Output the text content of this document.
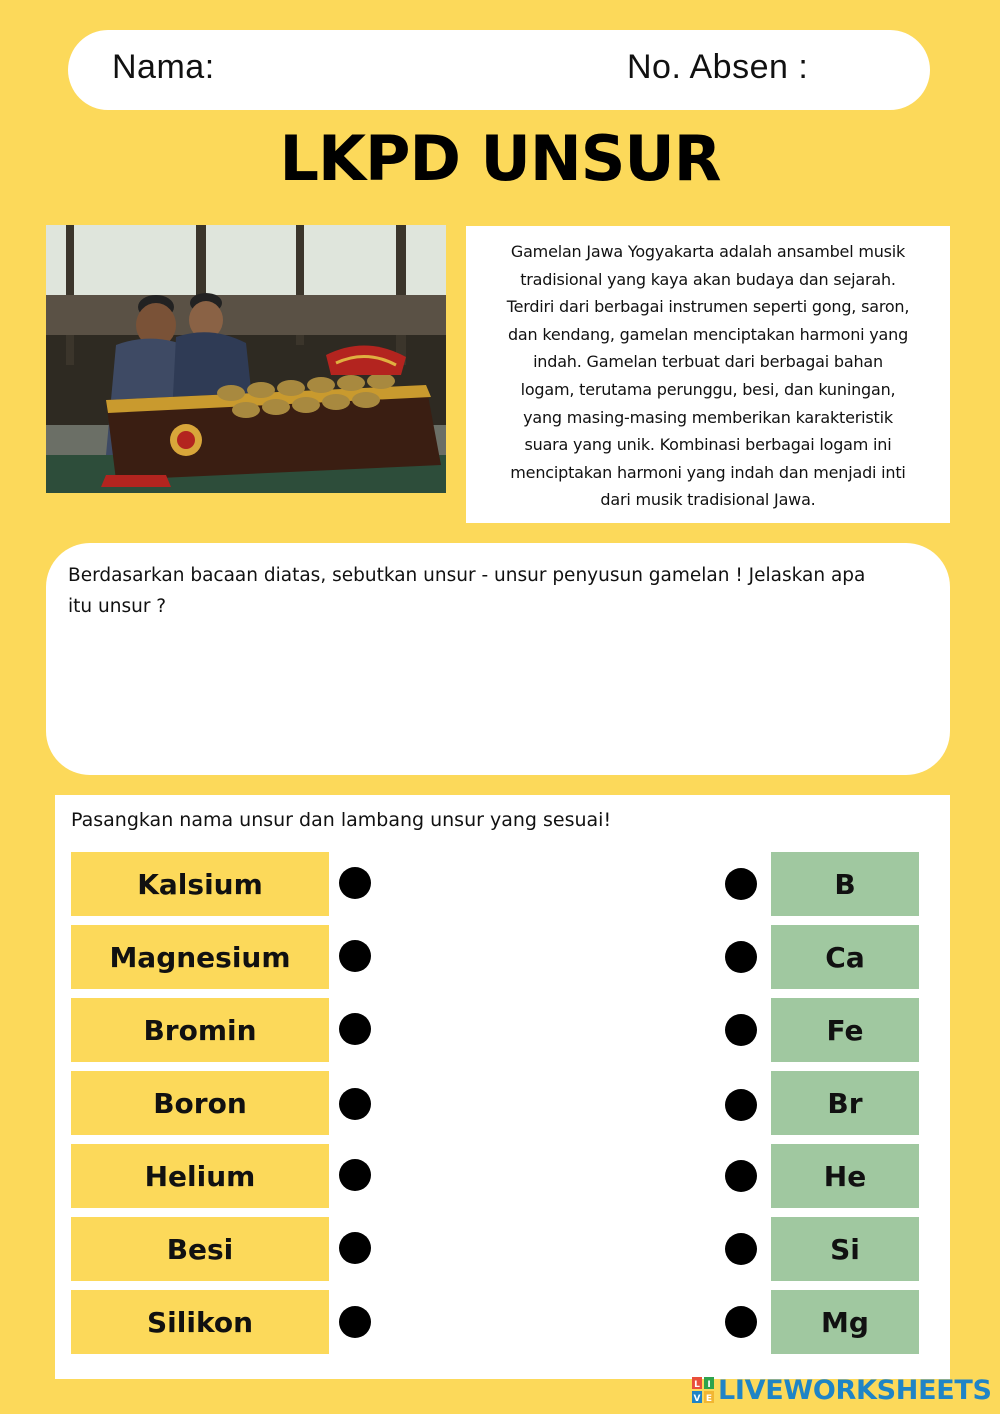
Nama:	No. Absen :
LKPD UNSUR
Gamelan Jawa Yogyakarta adalah ansambel musik
tradisional yang kaya akan budaya dan sejarah.
Terdiri dari berbagai instrumen seperti gong, saron,
dan kendang, gamelan menciptakan harmoni yang
indah. Gamelan terbuat dari berbagai bahan
logam, terutama perunggu, besi, dan kuningan,
yang masing-masing memberikan karakteristik
suara yang unik. Kombinasi berbagai logam ini
menciptakan harmoni yang indah dan menjadi inti
dari musik tradisional Jawa.
Berdasarkan bacaan diatas, sebutkan unsur - unsur penyusun gamelan ! Jelaskan apa
itu unsur ?
Pasangkan nama unsur dan lambang unsur yang sesuai!
Kalsium
Magnesium
Bromin
Boron
Helium
Besi
Silikon
B
Ca
Fe
Br
He
Si
Mg
L I
V E LIVEWORKSHEETS
